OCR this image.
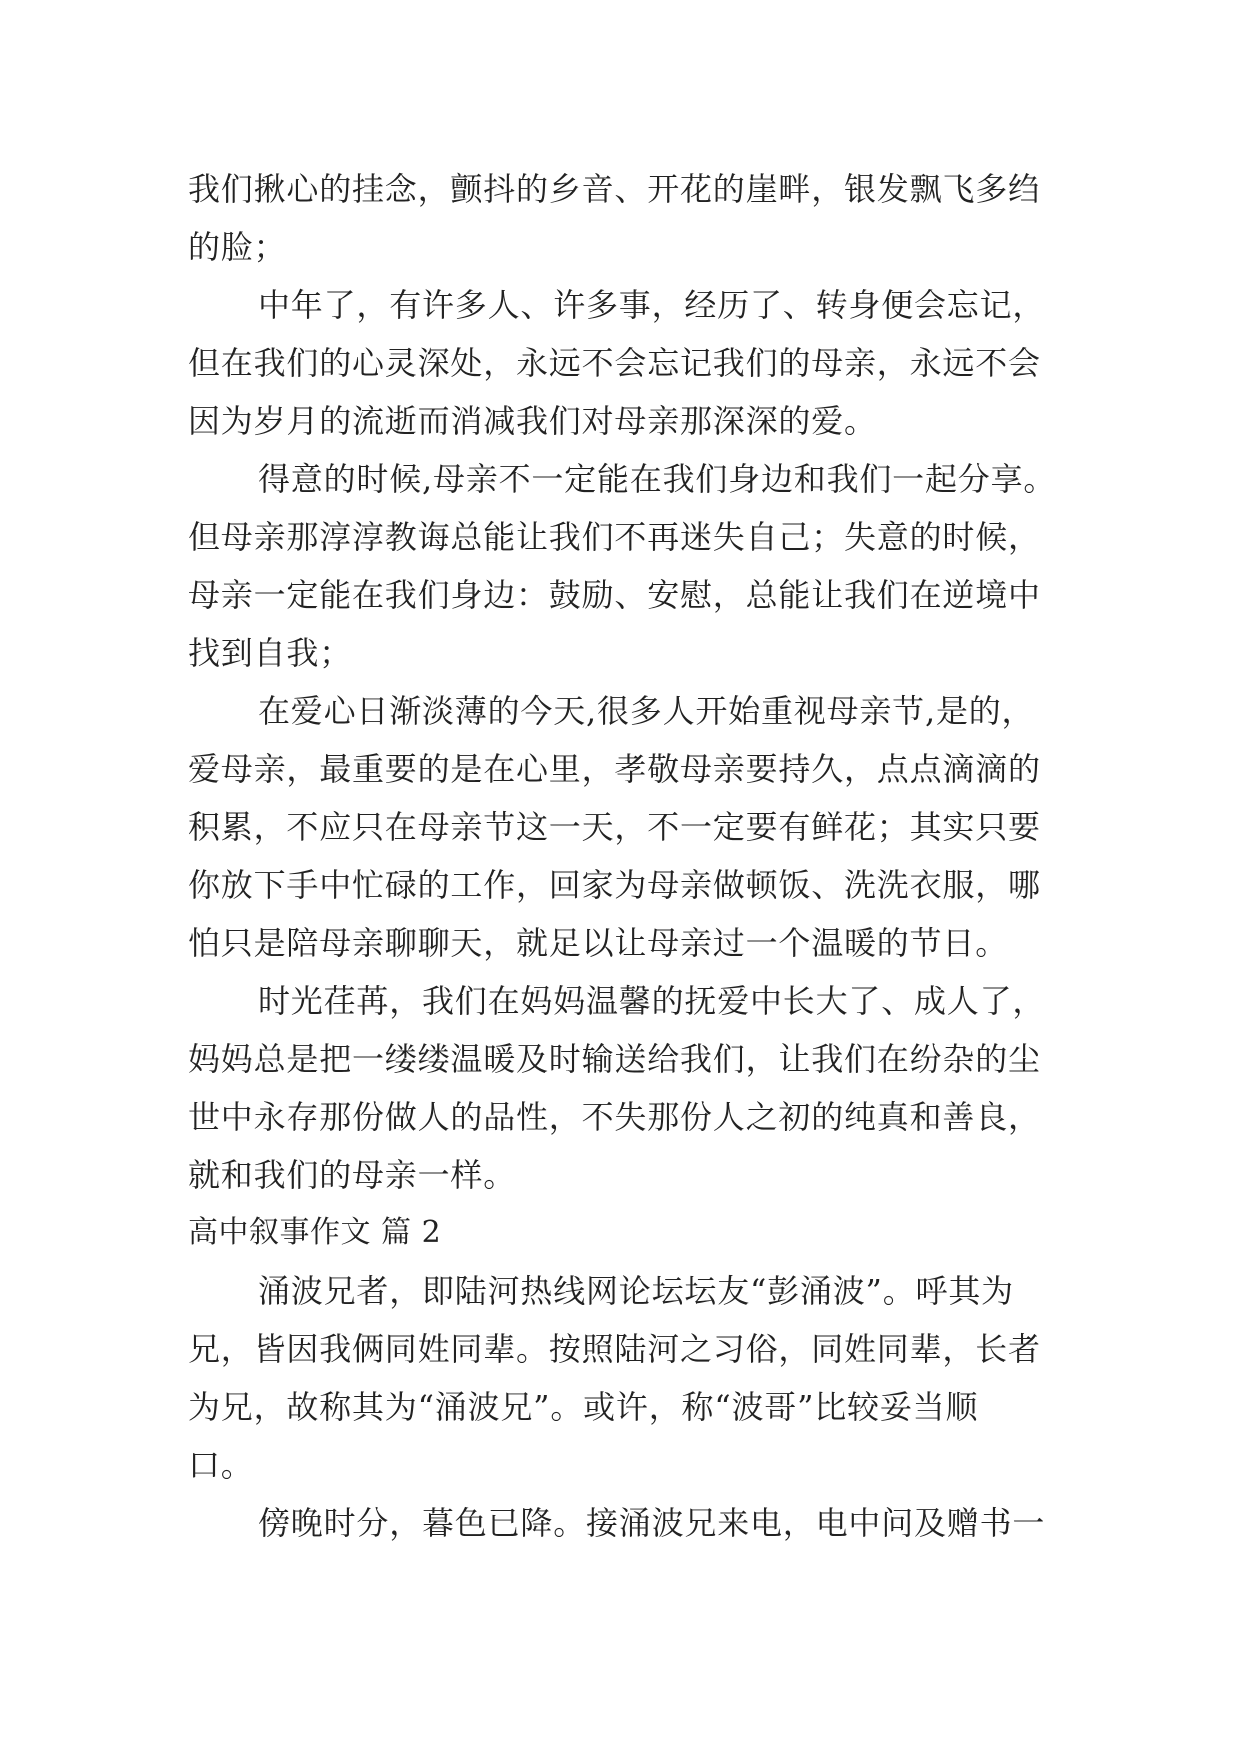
我们揪心的挂念，颤抖的乡音、开花的崖畔，银发飘飞多绉
的脸；
中年了，有许多人、许多事，经历了、转身便会忘记，
但在我们的心灵深处，永远不会忘记我们的母亲，永远不会
因为岁月的流逝而消减我们对母亲那深深的爱。
得意的时候,母亲不一定能在我们身边和我们一起分享。
但母亲那淳淳教诲总能让我们不再迷失自己；失意的时候，
母亲一定能在我们身边：鼓励、安慰，总能让我们在逆境中
找到自我；
在爱心日渐淡薄的今天,很多人开始重视母亲节,是的，
爱母亲，最重要的是在心里，孝敬母亲要持久，点点滴滴的
积累，不应只在母亲节这一天，不一定要有鲜花；其实只要
你放下手中忙碌的工作，回家为母亲做顿饭、洗洗衣服，哪
怕只是陪母亲聊聊天，就足以让母亲过一个温暖的节日。
时光荏苒，我们在妈妈温馨的抚爱中长大了、成人了，
妈妈总是把一缕缕温暖及时输送给我们，让我们在纷杂的尘
世中永存那份做人的品性，不失那份人之初的纯真和善良，
就和我们的母亲一样。
高中叙事作文 篇 2
涌波兄者，即陆河热线网论坛坛友“彭涌波”。呼其为
兄，皆因我俩同姓同辈。按照陆河之习俗，同姓同辈，长者
为兄，故称其为“涌波兄”。或许，称“波哥”比较妥当顺
口。
傍晚时分，暮色已降。接涌波兄来电，电中问及赠书一
